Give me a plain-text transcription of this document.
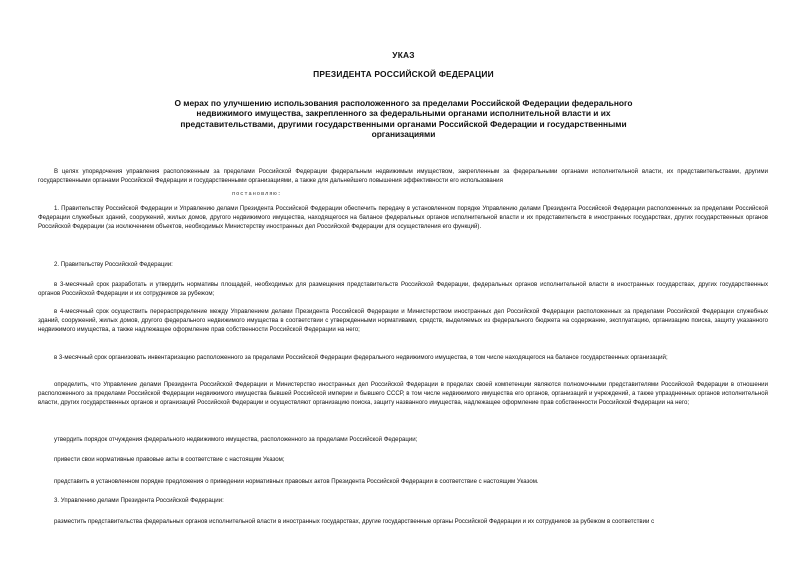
УКАЗ
ПРЕЗИДЕНТА РОССИЙСКОЙ ФЕДЕРАЦИИ
О мерах по улучшению использования расположенного за пределами Российской Федерации федерального недвижимого имущества, закрепленного за федеральными органами исполнительной власти и их представительствами, другими государственными органами Российской Федерации и государственными организациями
В целях упорядочения управления расположенным за пределами Российской Федерации федеральным недвижимым имуществом, закрепленным за федеральными органами исполнительной власти, их представительствами, другими государственными органами Российской Федерации и государственными организациями, а также для дальнейшего повышения эффективности его использования
постановляю:
1. Правительству Российской Федерации и Управлению делами Президента Российской Федерации обеспечить передачу в установленном порядке Управлению делами Президента Российской Федерации расположенных за пределами Российской Федерации служебных зданий, сооружений, жилых домов, другого недвижимого имущества, находящегося на балансе федеральных органов исполнительной власти и их представительств в иностранных государствах, других государственных органов Российской Федерации (за исключением объектов, необходимых Министерству иностранных дел Российской Федерации для осуществления его функций).
2. Правительству Российской Федерации:
в 3-месячный срок разработать и утвердить нормативы площадей, необходимых для размещения представительств Российской Федерации, федеральных органов исполнительной власти в иностранных государствах, других государственных органов Российской Федерации и их сотрудников за рубежом;
в 4-месячный срок осуществить перераспределение между Управлением делами Президента Российской Федерации и Министерством иностранных дел Российской Федерации расположенных за пределами Российской Федерации служебных зданий, сооружений, жилых домов, другого федерального недвижимого имущества в соответствии с утвержденными нормативами, средств, выделяемых из федерального бюджета на содержание, эксплуатацию, организацию поиска, защиту указанного недвижимого имущества, а также надлежащее оформление прав собственности Российской Федерации на него;
в 3-месячный срок организовать инвентаризацию расположенного за пределами Российской Федерации федерального недвижимого имущества, в том числе находящегося на балансе государственных организаций;
определить, что Управление делами Президента Российской Федерации и Министерство иностранных дел Российской Федерации в пределах своей компетенции являются полномочными представителями Российской Федерации в отношении расположенного за пределами Российской Федерации недвижимого имущества бывшей Российской империи и бывшего СССР, в том числе недвижимого имущества его органов, организаций и учреждений, а также упраздненных органов исполнительной власти, других государственных органов и организаций Российской Федерации и осуществляют организацию поиска, защиту названного имущества, надлежащее оформление прав собственности Российской Федерации на него;
утвердить порядок отчуждения федерального недвижимого имущества, расположенного за пределами Российской Федерации;
привести свои нормативные правовые акты в соответствие с настоящим Указом;
представить в установленном порядке предложения о приведении нормативных правовых актов Президента Российской Федерации в соответствие с настоящим Указом.
3. Управлению делами Президента Российской Федерации:
разместить представительства федеральных органов исполнительной власти в иностранных государствах, другие государственные органы Российской Федерации и их сотрудников за рубежом в соответствии с
